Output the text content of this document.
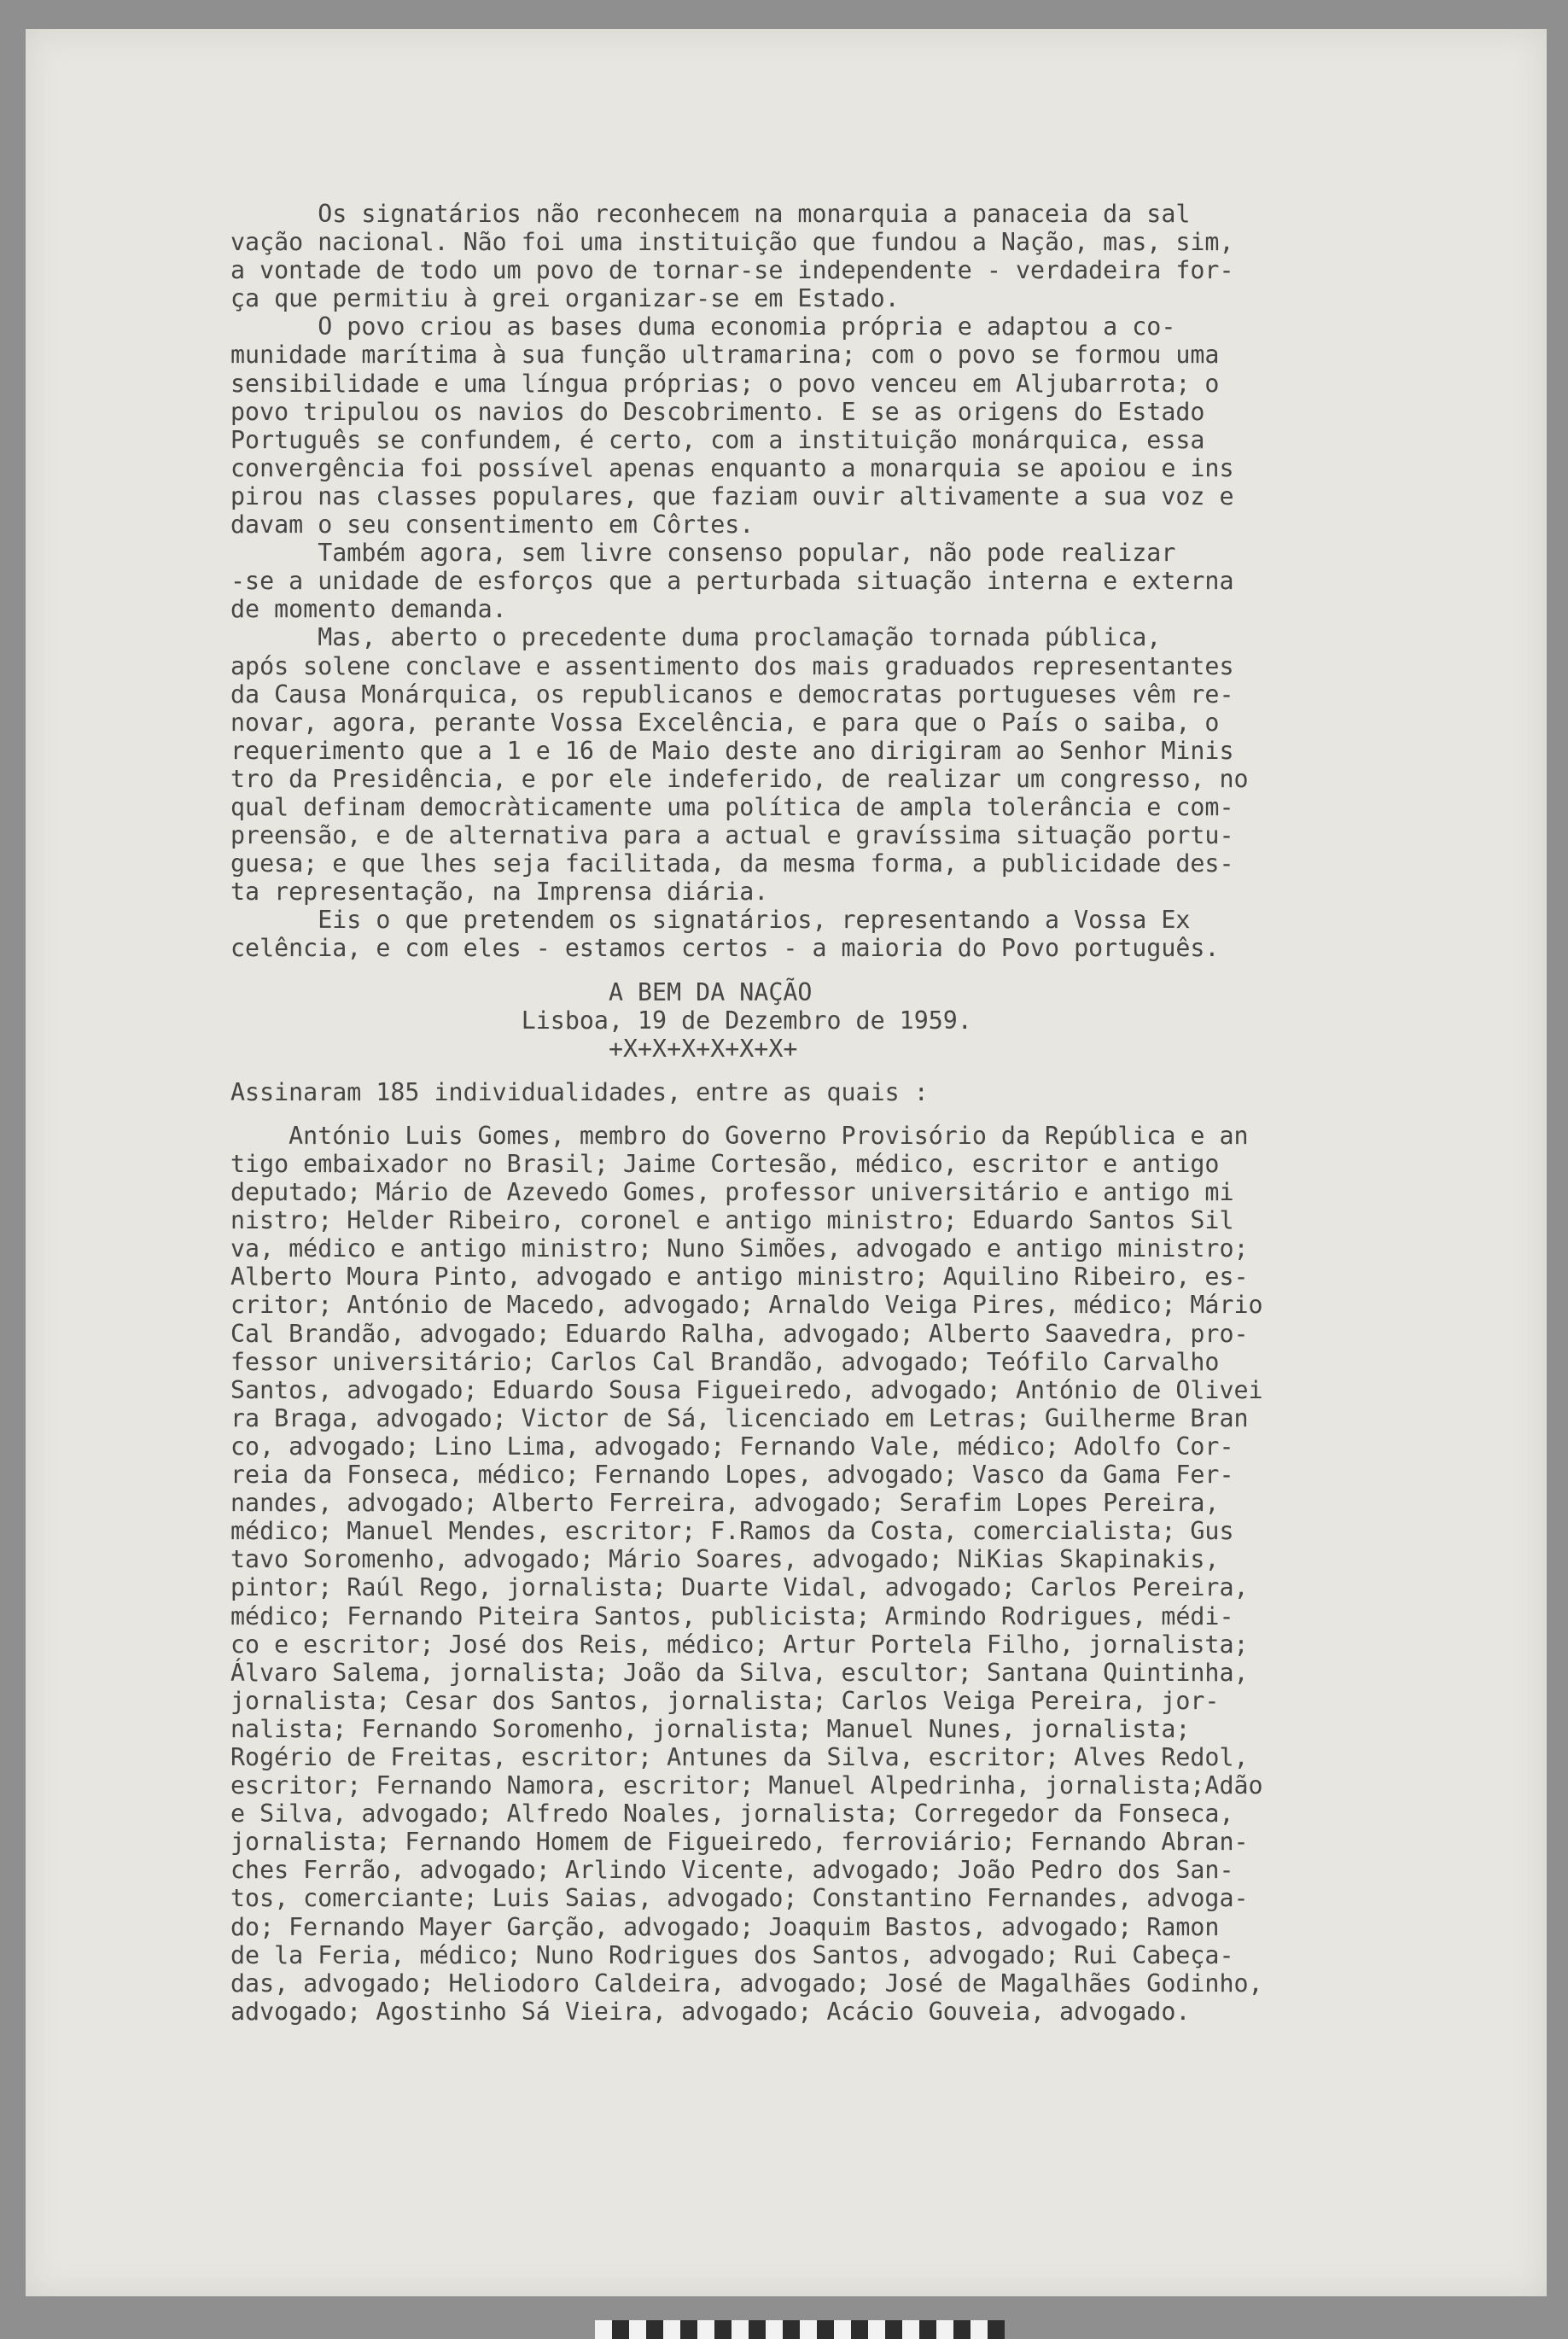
Os signatários não reconhecem na monarquia a panaceia da sal
vação nacional. Não foi uma instituição que fundou a Nação, mas, sim,
a vontade de todo um povo de tornar-se independente - verdadeira for-
ça que permitiu à grei organizar-se em Estado.
O povo criou as bases duma economia própria e adaptou a co-
munidade marítima à sua função ultramarina; com o povo se formou uma
sensibilidade e uma língua próprias; o povo venceu em Aljubarrota; o
povo tripulou os navios do Descobrimento. E se as origens do Estado
Português se confundem, é certo, com a instituição monárquica, essa
convergência foi possível apenas enquanto a monarquia se apoiou e ins
pirou nas classes populares, que faziam ouvir altivamente a sua voz e
davam o seu consentimento em Côrtes.
Também agora, sem livre consenso popular, não pode realizar
-se a unidade de esforços que a perturbada situação interna e externa
de momento demanda.
Mas, aberto o precedente duma proclamação tornada pública,
após solene conclave e assentimento dos mais graduados representantes
da Causa Monárquica, os republicanos e democratas portugueses vêm re-
novar, agora, perante Vossa Excelência, e para que o País o saiba, o
requerimento que a 1 e 16 de Maio deste ano dirigiram ao Senhor Minis
tro da Presidência, e por ele indeferido, de realizar um congresso, no
qual definam democràticamente uma política de ampla tolerância e com-
preensão, e de alternativa para a actual e gravíssima situação portu-
guesa; e que lhes seja facilitada, da mesma forma, a publicidade des-
ta representação, na Imprensa diária.
Eis o que pretendem os signatários, representando a Vossa Ex
celência, e com eles - estamos certos - a maioria do Povo português.
A BEM DA NAÇÃO
Lisboa, 19 de Dezembro de 1959.
+X+X+X+X+X+X+
Assinaram 185 individualidades, entre as quais :
António Luis Gomes, membro do Governo Provisório da República e an
tigo embaixador no Brasil; Jaime Cortesão, médico, escritor e antigo
deputado; Mário de Azevedo Gomes, professor universitário e antigo mi
nistro; Helder Ribeiro, coronel e antigo ministro; Eduardo Santos Sil
va, médico e antigo ministro; Nuno Simões, advogado e antigo ministro;
Alberto Moura Pinto, advogado e antigo ministro; Aquilino Ribeiro, es-
critor; António de Macedo, advogado; Arnaldo Veiga Pires, médico; Mário
Cal Brandão, advogado; Eduardo Ralha, advogado; Alberto Saavedra, pro-
fessor universitário; Carlos Cal Brandão, advogado; Teófilo Carvalho
Santos, advogado; Eduardo Sousa Figueiredo, advogado; António de Olivei
ra Braga, advogado; Victor de Sá, licenciado em Letras; Guilherme Bran
co, advogado; Lino Lima, advogado; Fernando Vale, médico; Adolfo Cor-
reia da Fonseca, médico; Fernando Lopes, advogado; Vasco da Gama Fer-
nandes, advogado; Alberto Ferreira, advogado; Serafim Lopes Pereira,
médico; Manuel Mendes, escritor; F.Ramos da Costa, comercialista; Gus
tavo Soromenho, advogado; Mário Soares, advogado; NiKias Skapinakis,
pintor; Raúl Rego, jornalista; Duarte Vidal, advogado; Carlos Pereira,
médico; Fernando Piteira Santos, publicista; Armindo Rodrigues, médi-
co e escritor; José dos Reis, médico; Artur Portela Filho, jornalista;
Álvaro Salema, jornalista; João da Silva, escultor; Santana Quintinha,
jornalista; Cesar dos Santos, jornalista; Carlos Veiga Pereira, jor-
nalista; Fernando Soromenho, jornalista; Manuel Nunes, jornalista;
Rogério de Freitas, escritor; Antunes da Silva, escritor; Alves Redol,
escritor; Fernando Namora, escritor; Manuel Alpedrinha, jornalista;Adão
e Silva, advogado; Alfredo Noales, jornalista; Corregedor da Fonseca,
jornalista; Fernando Homem de Figueiredo, ferroviário; Fernando Abran-
ches Ferrão, advogado; Arlindo Vicente, advogado; João Pedro dos San-
tos, comerciante; Luis Saias, advogado; Constantino Fernandes, advoga-
do; Fernando Mayer Garção, advogado; Joaquim Bastos, advogado; Ramon
de la Feria, médico; Nuno Rodrigues dos Santos, advogado; Rui Cabeça-
das, advogado; Heliodoro Caldeira, advogado; José de Magalhães Godinho,
advogado; Agostinho Sá Vieira, advogado; Acácio Gouveia, advogado.
